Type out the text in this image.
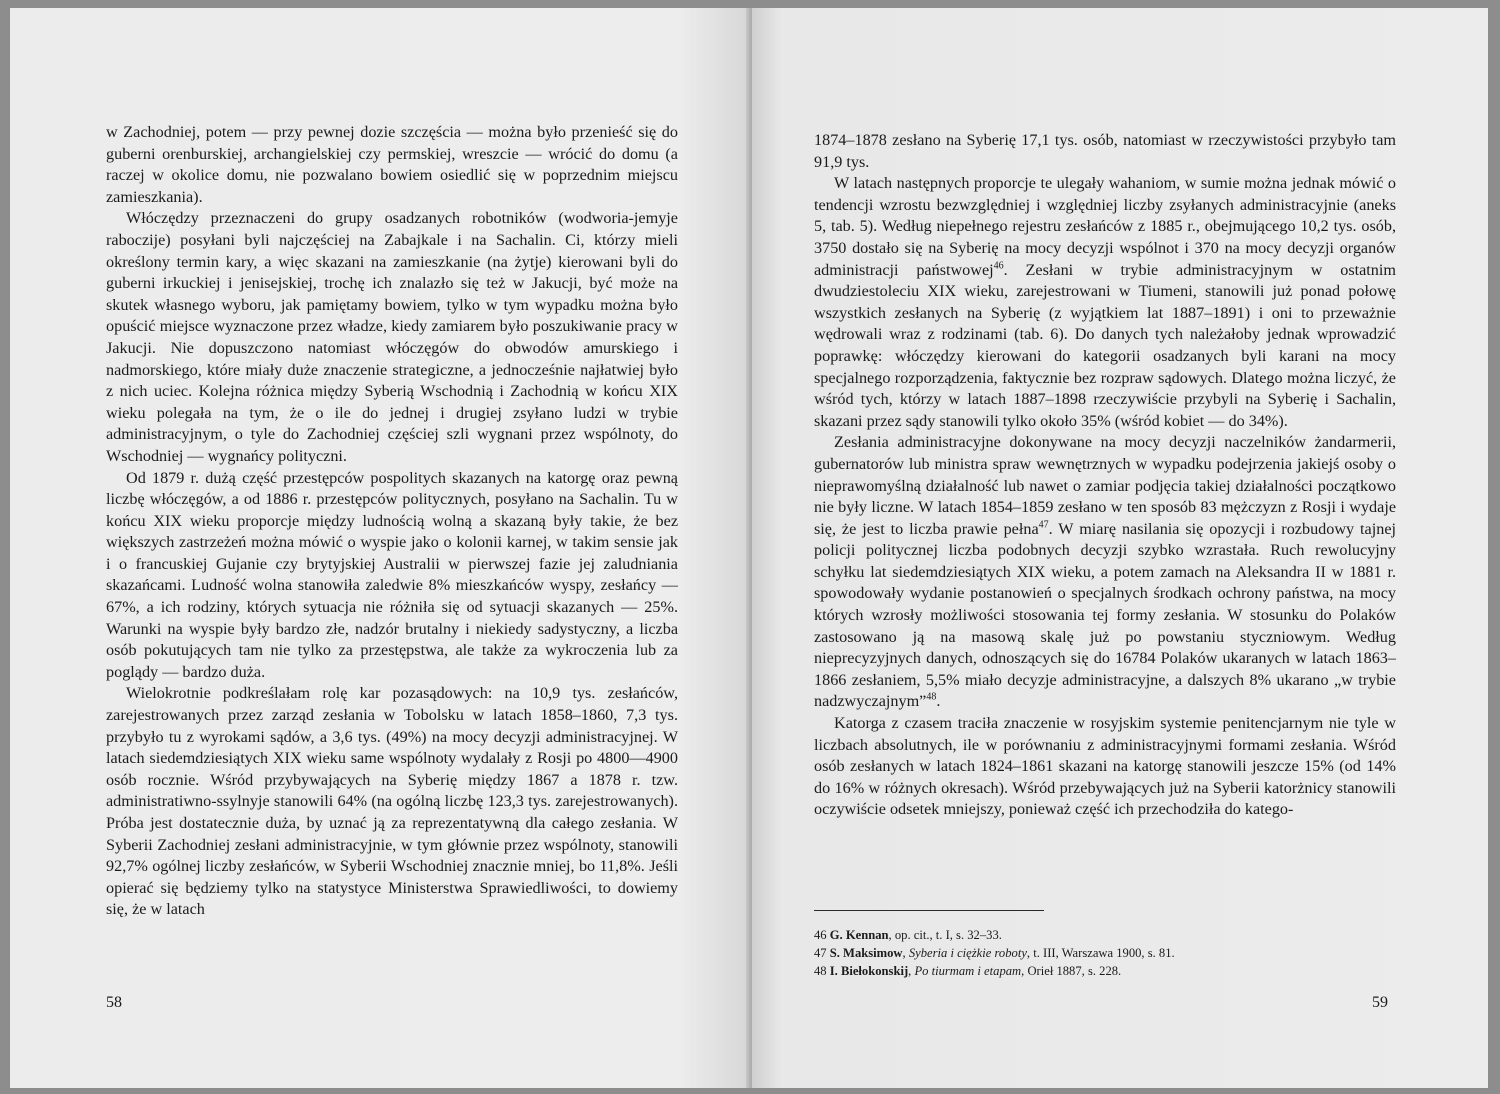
w Zachodniej, potem — przy pewnej dozie szczęścia — można było przenieść się do guberni orenburskiej, archangielskiej czy permskiej, wreszcie — wrócić do domu (a raczej w okolice domu, nie pozwalano bowiem osiedlić się w poprzednim miejscu zamieszkania).

Włóczędzy przeznaczeni do grupy osadzanych robotników (wodworia-jemyje raboczije) posyłani byli najczęściej na Zabajkale i na Sachalin. Ci, którzy mieli określony termin kary, a więc skazani na zamieszkanie (na żytje) kierowani byli do guberni irkuckiej i jenisejskiej, trochę ich znalazło się też w Jakucji, być może na skutek własnego wyboru, jak pamiętamy bowiem, tylko w tym wypadku można było opuścić miejsce wyznaczone przez władze, kiedy zamiarem było poszukiwanie pracy w Jakucji. Nie dopuszczono natomiast włóczęgów do obwodów amurskiego i nadmorskiego, które miały duże znaczenie strategiczne, a jednocześnie najłatwiej było z nich uciec. Kolejna różnica między Syberią Wschodnią i Zachodnią w końcu XIX wieku polegała na tym, że o ile do jednej i drugiej zsyłano ludzi w trybie administracyjnym, o tyle do Zachodniej częściej szli wygnani przez wspólnoty, do Wschodniej — wygnańcy polityczni.

Od 1879 r. dużą część przestępców pospolitych skazanych na katorgę oraz pewną liczbę włóczęgów, a od 1886 r. przestępców politycznych, posyłano na Sachalin. Tu w końcu XIX wieku proporcje między ludnością wolną a skazaną były takie, że bez większych zastrzeżeń można mówić o wyspie jako o kolonii karnej, w takim sensie jak i o francuskiej Gujanie czy brytyjskiej Australii w pierwszej fazie jej zaludniania skazańcami. Ludność wolna stanowiła zaledwie 8% mieszkańców wyspy, zesłańcy — 67%, a ich rodziny, których sytuacja nie różniła się od sytuacji skazanych — 25%. Warunki na wyspie były bardzo złe, nadzór brutalny i niekiedy sadystyczny, a liczba osób pokutujących tam nie tylko za przestępstwa, ale także za wykroczenia lub za poglądy — bardzo duża.

Wielokrotnie podkreślałam rolę kar pozasądowych: na 10,9 tys. zesłańców, zarejestrowanych przez zarząd zesłania w Tobolsku w latach 1858–1860, 7,3 tys. przybyło tu z wyrokami sądów, a 3,6 tys. (49%) na mocy decyzji administracyjnej. W latach siedemdziesiątych XIX wieku same wspólnoty wydalały z Rosji po 4800—4900 osób rocznie. Wśród przybywających na Syberię między 1867 a 1878 r. tzw. administratiwno-ssylnyje stanowili 64% (na ogólną liczbę 123,3 tys. zarejestrowanych). Próba jest dostatecznie duża, by uznać ją za reprezentatywną dla całego zesłania. W Syberii Zachodniej zesłani administracyjnie, w tym głównie przez wspólnoty, stanowili 92,7% ogólnej liczby zesłańców, w Syberii Wschodniej znacznie mniej, bo 11,8%. Jeśli opierać się będziemy tylko na statystyce Ministerstwa Sprawiedliwości, to dowiemy się, że w latach

58

1874–1878 zesłano na Syberię 17,1 tys. osób, natomiast w rzeczywistości przybyło tam 91,9 tys.

W latach następnych proporcje te ulegały wahaniom, w sumie można jednak mówić o tendencji wzrostu bezwzględniej i względniej liczby zsyłanych administracyjnie (aneks 5, tab. 5). Według niepełnego rejestru zesłańców z 1885 r., obejmującego 10,2 tys. osób, 3750 dostało się na Syberię na mocy decyzji wspólnot i 370 na mocy decyzji organów administracji państwowej$^{46}$. Zesłani w trybie administracyjnym w ostatnim dwudziestoleciu XIX wieku, zarejestrowani w Tiumeni, stanowili już ponad połowę wszystkich zesłanych na Syberię (z wyjątkiem lat 1887–1891) i oni to przeważnie wędrowali wraz z rodzinami (tab. 6). Do danych tych należałoby jednak wprowadzić poprawkę: włóczędzy kierowani do kategorii osadzanych byli karani na mocy specjalnego rozporządzenia, faktycznie bez rozpraw sądowych. Dlatego można liczyć, że wśród tych, którzy w latach 1887–1898 rzeczywiście przybyli na Syberię i Sachalin, skazani przez sądy stanowili tylko około 35% (wśród kobiet — do 34%).

Zesłania administracyjne dokonywane na mocy decyzji naczelników żandarmerii, gubernatorów lub ministra spraw wewnętrznych w wypadku podejrzenia jakiejś osoby o nieprawomyślną działalność lub nawet o zamiar podjęcia takiej działalności początkowo nie były liczne. W latach 1854–1859 zesłano w ten sposób 83 mężczyzn z Rosji i wydaje się, że jest to liczba prawie pełna$^{47}$. W miarę nasilania się opozycji i rozbudowy tajnej policji politycznej liczba podobnych decyzji szybko wzrastała. Ruch rewolucyjny schyłku lat siedemdziesiątych XIX wieku, a potem zamach na Aleksandra II w 1881 r. spowodowały wydanie postanowień o specjalnych środkach ochrony państwa, na mocy których wzrosły możliwości stosowania tej formy zesłania. W stosunku do Polaków zastosowano ją na masową skalę już po powstaniu styczniowym. Według nieprecyzyjnych danych, odnoszących się do 16784 Polaków ukaranych w latach 1863–1866 zesłaniem, 5,5% miało decyzje administracyjne, a dalszych 8% ukarano „w trybie nadzwyczajnym”$^{48}$.

Katorga z czasem traciła znaczenie w rosyjskim systemie penitencjarnym nie tyle w liczbach absolutnych, ile w porównaniu z administracyjnymi formami zesłania. Wśród osób zesłanych w latach 1824–1861 skazani na katorgę stanowili jeszcze 15% (od 14% do 16% w różnych okresach). Wśród przebywających już na Syberii katorżnicy stanowili oczywiście odsetek mniejszy, ponieważ część ich przechodziła do katego-

46 G. Kennan, op. cit., t. I, s. 32–33.
47 S. Maksimow, Syberia i ciężkie roboty, t. III, Warszawa 1900, s. 81.
48 I. Biełokonskij, Po tiurmam i etapam, Orieł 1887, s. 228.
59
